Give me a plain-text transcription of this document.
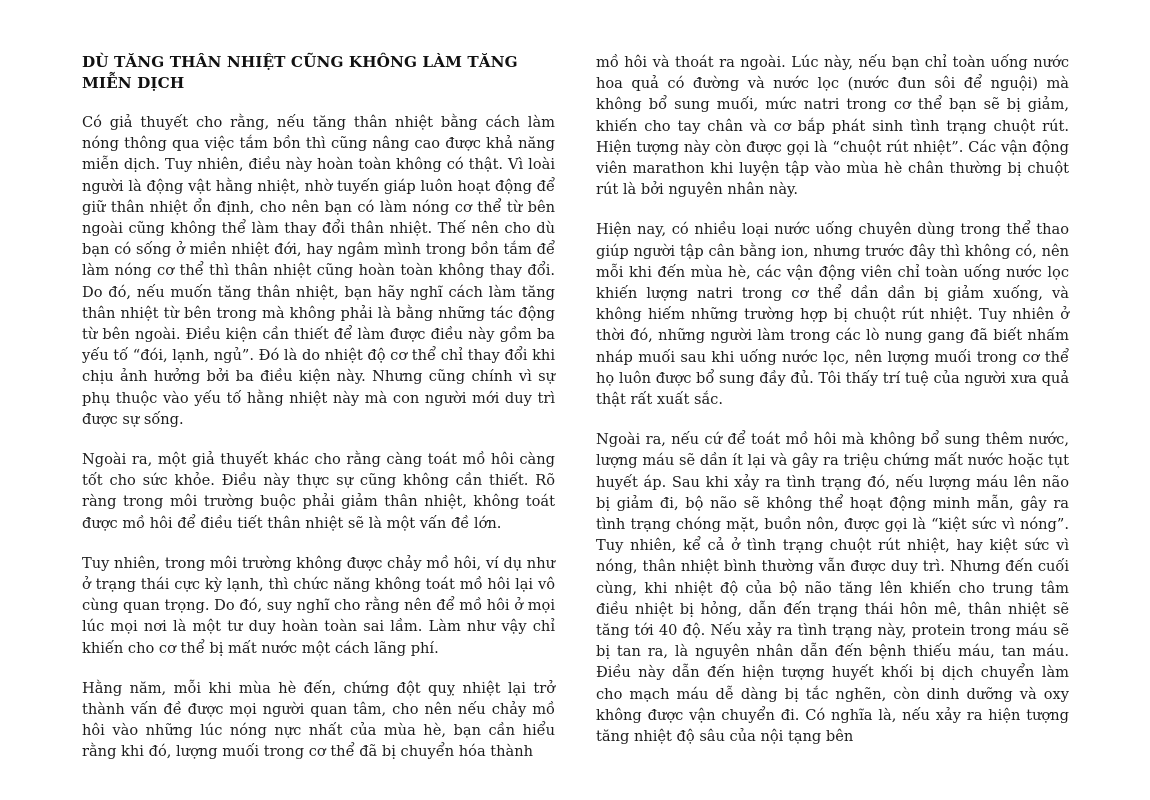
DÙ TĂNG THÂN NHIỆT CŨNG KHÔNG LÀM TĂNG MIỄN DỊCH

Có giả thuyết cho rằng, nếu tăng thân nhiệt bằng cách làm nóng thông qua việc tắm bồn thì cũng nâng cao được khả năng miễn dịch. Tuy nhiên, điều này hoàn toàn không có thật. Vì loài người là động vật hằng nhiệt, nhờ tuyến giáp luôn hoạt động để giữ thân nhiệt ổn định, cho nên bạn có làm nóng cơ thể từ bên ngoài cũng không thể làm thay đổi thân nhiệt. Thế nên cho dù bạn có sống ở miền nhiệt đới, hay ngâm mình trong bồn tắm để làm nóng cơ thể thì thân nhiệt cũng hoàn toàn không thay đổi. Do đó, nếu muốn tăng thân nhiệt, bạn hãy nghĩ cách làm tăng thân nhiệt từ bên trong mà không phải là bằng những tác động từ bên ngoài. Điều kiện cần thiết để làm được điều này gồm ba yếu tố “đói, lạnh, ngủ”. Đó là do nhiệt độ cơ thể chỉ thay đổi khi chịu ảnh hưởng bởi ba điều kiện này. Nhưng cũng chính vì sự phụ thuộc vào yếu tố hằng nhiệt này mà con người mới duy trì được sự sống.

Ngoài ra, một giả thuyết khác cho rằng càng toát mồ hôi càng tốt cho sức khỏe. Điều này thực sự cũng không cần thiết. Rõ ràng trong môi trường buộc phải giảm thân nhiệt, không toát được mồ hôi để điều tiết thân nhiệt sẽ là một vấn đề lớn.

Tuy nhiên, trong môi trường không được chảy mồ hôi, ví dụ như ở trạng thái cực kỳ lạnh, thì chức năng không toát mồ hôi lại vô cùng quan trọng. Do đó, suy nghĩ cho rằng nên để mồ hôi ở mọi lúc mọi nơi là một tư duy hoàn toàn sai lầm. Làm như vậy chỉ khiến cho cơ thể bị mất nước một cách lãng phí.

Hằng năm, mỗi khi mùa hè đến, chứng đột quỵ nhiệt lại trở thành vấn đề được mọi người quan tâm, cho nên nếu chảy mồ hôi vào những lúc nóng nực nhất của mùa hè, bạn cần hiểu rằng khi đó, lượng muối trong cơ thể đã bị chuyển hóa thành

mồ hôi và thoát ra ngoài. Lúc này, nếu bạn chỉ toàn uống nước hoa quả có đường và nước lọc (nước đun sôi để nguội) mà không bổ sung muối, mức natri trong cơ thể bạn sẽ bị giảm, khiến cho tay chân và cơ bắp phát sinh tình trạng chuột rút. Hiện tượng này còn được gọi là “chuột rút nhiệt”. Các vận động viên marathon khi luyện tập vào mùa hè chân thường bị chuột rút là bởi nguyên nhân này.

Hiện nay, có nhiều loại nước uống chuyên dùng trong thể thao giúp người tập cân bằng ion, nhưng trước đây thì không có, nên mỗi khi đến mùa hè, các vận động viên chỉ toàn uống nước lọc khiến lượng natri trong cơ thể dần dần bị giảm xuống, và không hiếm những trường hợp bị chuột rút nhiệt. Tuy nhiên ở thời đó, những người làm trong các lò nung gang đã biết nhấm nháp muối sau khi uống nước lọc, nên lượng muối trong cơ thể họ luôn được bổ sung đầy đủ. Tôi thấy trí tuệ của người xưa quả thật rất xuất sắc.

Ngoài ra, nếu cứ để toát mồ hôi mà không bổ sung thêm nước, lượng máu sẽ dần ít lại và gây ra triệu chứng mất nước hoặc tụt huyết áp. Sau khi xảy ra tình trạng đó, nếu lượng máu lên não bị giảm đi, bộ não sẽ không thể hoạt động minh mẫn, gây ra tình trạng chóng mặt, buồn nôn, được gọi là “kiệt sức vì nóng”. Tuy nhiên, kể cả ở tình trạng chuột rút nhiệt, hay kiệt sức vì nóng, thân nhiệt bình thường vẫn được duy trì. Nhưng đến cuối cùng, khi nhiệt độ của bộ não tăng lên khiến cho trung tâm điều nhiệt bị hỏng, dẫn đến trạng thái hôn mê, thân nhiệt sẽ tăng tới 40 độ. Nếu xảy ra tình trạng này, protein trong máu sẽ bị tan ra, là nguyên nhân dẫn đến bệnh thiếu máu, tan máu. Điều này dẫn đến hiện tượng huyết khối bị dịch chuyển làm cho mạch máu dễ dàng bị tắc nghẽn, còn dinh dưỡng và oxy không được vận chuyển đi. Có nghĩa là, nếu xảy ra hiện tượng tăng nhiệt độ sâu của nội tạng bên
